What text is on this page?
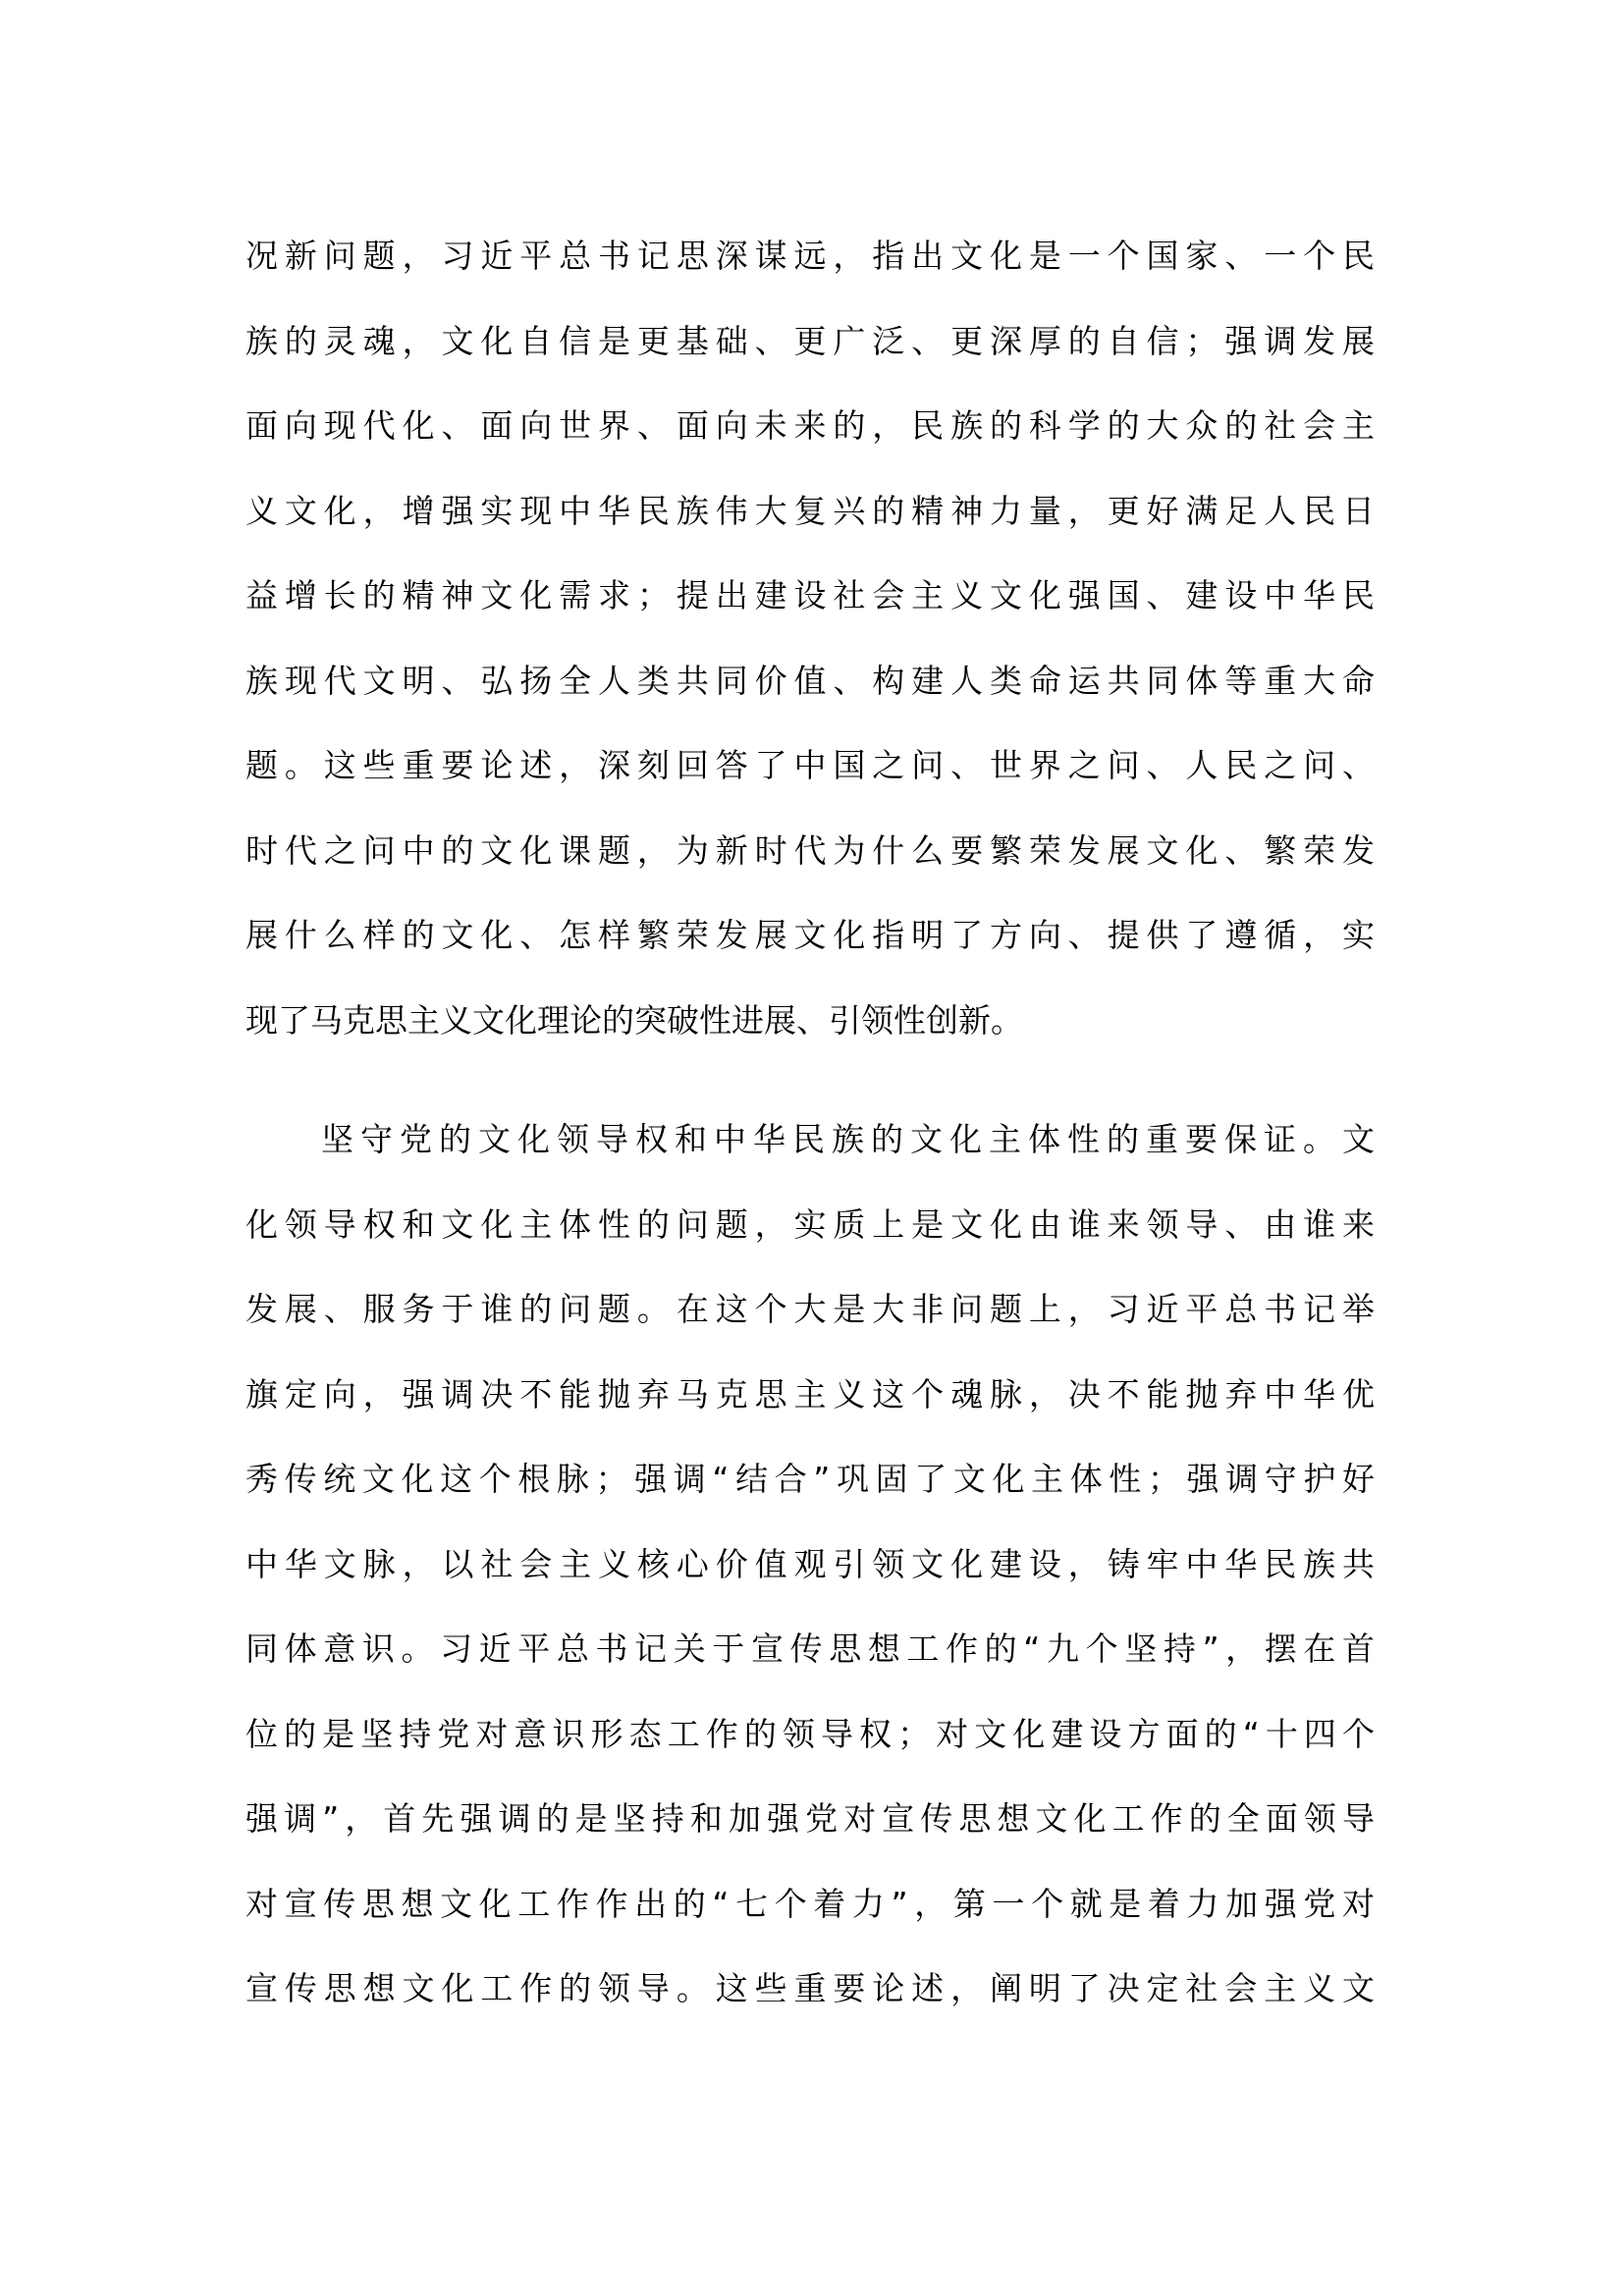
况新问题，习近平总书记思深谋远，指出文化是一个国家、一个民
族的灵魂，文化自信是更基础、更广泛、更深厚的自信；强调发展
面向现代化、面向世界、面向未来的，民族的科学的大众的社会主
义文化，增强实现中华民族伟大复兴的精神力量，更好满足人民日
益增长的精神文化需求；提出建设社会主义文化强国、建设中华民
族现代文明、弘扬全人类共同价值、构建人类命运共同体等重大命
题。这些重要论述，深刻回答了中国之问、世界之问、人民之问、
时代之问中的文化课题，为新时代为什么要繁荣发展文化、繁荣发
展什么样的文化、怎样繁荣发展文化指明了方向、提供了遵循，实
现了马克思主义文化理论的突破性进展、引领性创新。
坚守党的文化领导权和中华民族的文化主体性的重要保证。文
化领导权和文化主体性的问题，实质上是文化由谁来领导、由谁来
发展、服务于谁的问题。在这个大是大非问题上，习近平总书记举
旗定向，强调决不能抛弃马克思主义这个魂脉，决不能抛弃中华优
秀传统文化这个根脉；强调“结合”巩固了文化主体性；强调守护好
中华文脉，以社会主义核心价值观引领文化建设，铸牢中华民族共
同体意识。习近平总书记关于宣传思想工作的“九个坚持”，摆在首
位的是坚持党对意识形态工作的领导权；对文化建设方面的“十四个
强调”，首先强调的是坚持和加强党对宣传思想文化工作的全面领导
对宣传思想文化工作作出的“七个着力”，第一个就是着力加强党对
宣传思想文化工作的领导。这些重要论述，阐明了决定社会主义文
